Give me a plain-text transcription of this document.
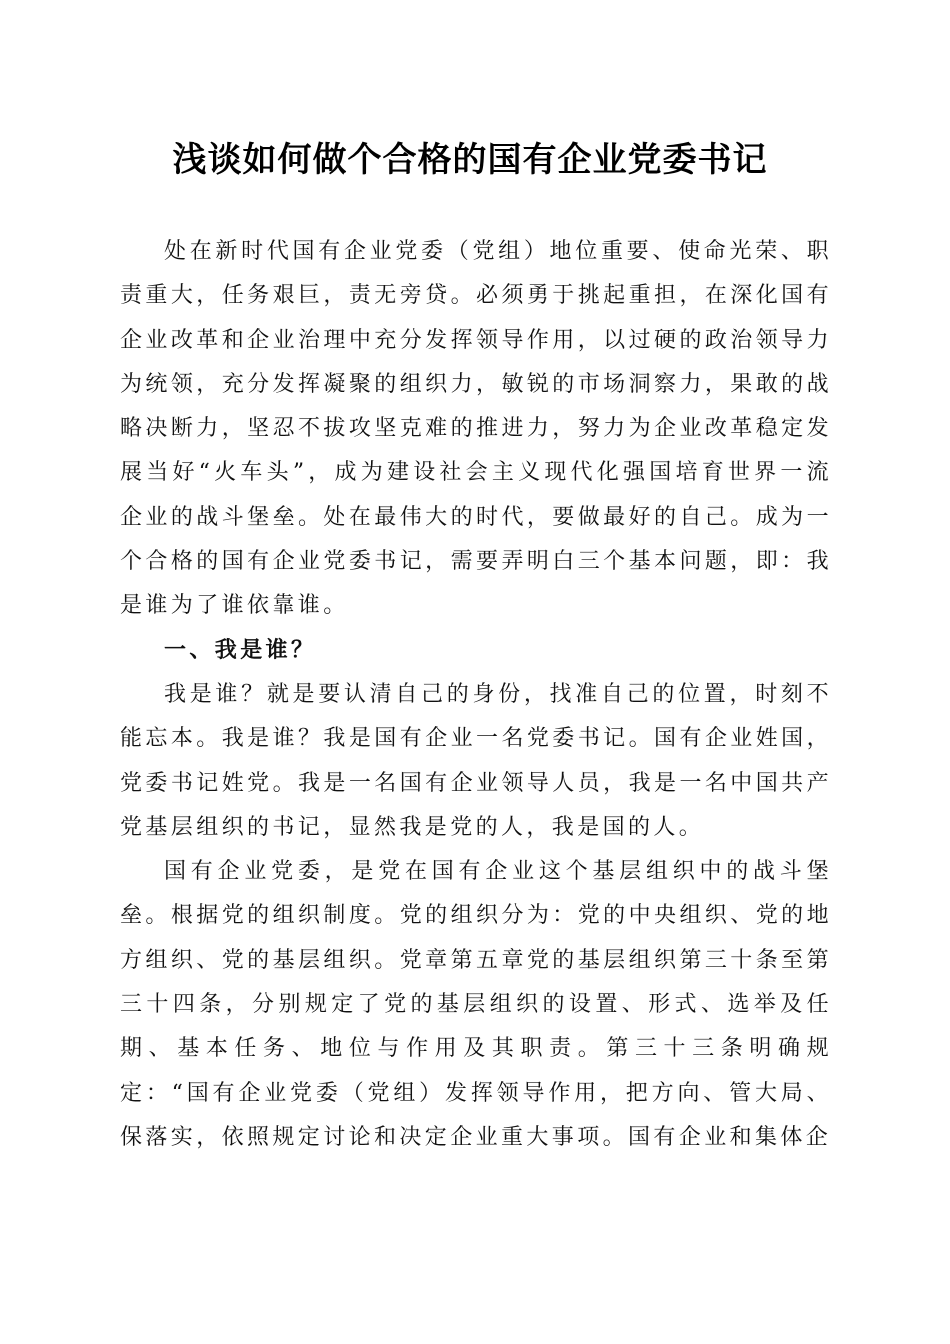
浅谈如何做个合格的国有企业党委书记

处在新时代国有企业党委（党组）地位重要、使命光荣、职责重大，任务艰巨，责无旁贷。必须勇于挑起重担，在深化国有企业改革和企业治理中充分发挥领导作用，以过硬的政治领导力为统领，充分发挥凝聚的组织力，敏锐的市场洞察力，果敢的战略决断力，坚忍不拔攻坚克难的推进力，努力为企业改革稳定发展当好“火车头”，成为建设社会主义现代化强国培育世界一流企业的战斗堡垒。处在最伟大的时代，要做最好的自己。成为一个合格的国有企业党委书记，需要弄明白三个基本问题，即：我是谁为了谁依靠谁。

一、我是谁？

我是谁？就是要认清自己的身份，找准自己的位置，时刻不能忘本。我是谁？我是国有企业一名党委书记。国有企业姓国，党委书记姓党。我是一名国有企业领导人员，我是一名中国共产党基层组织的书记，显然我是党的人，我是国的人。

国有企业党委，是党在国有企业这个基层组织中的战斗堡垒。根据党的组织制度。党的组织分为：党的中央组织、党的地方组织、党的基层组织。党章第五章党的基层组织第三十条至第三十四条，分别规定了党的基层组织的设置、形式、选举及任期、基本任务、地位与作用及其职责。第三十三条明确规定：“国有企业党委（党组）发挥领导作用，把方向、管大局、保落实，依照规定讨论和决定企业重大事项。国有企业和集体企
